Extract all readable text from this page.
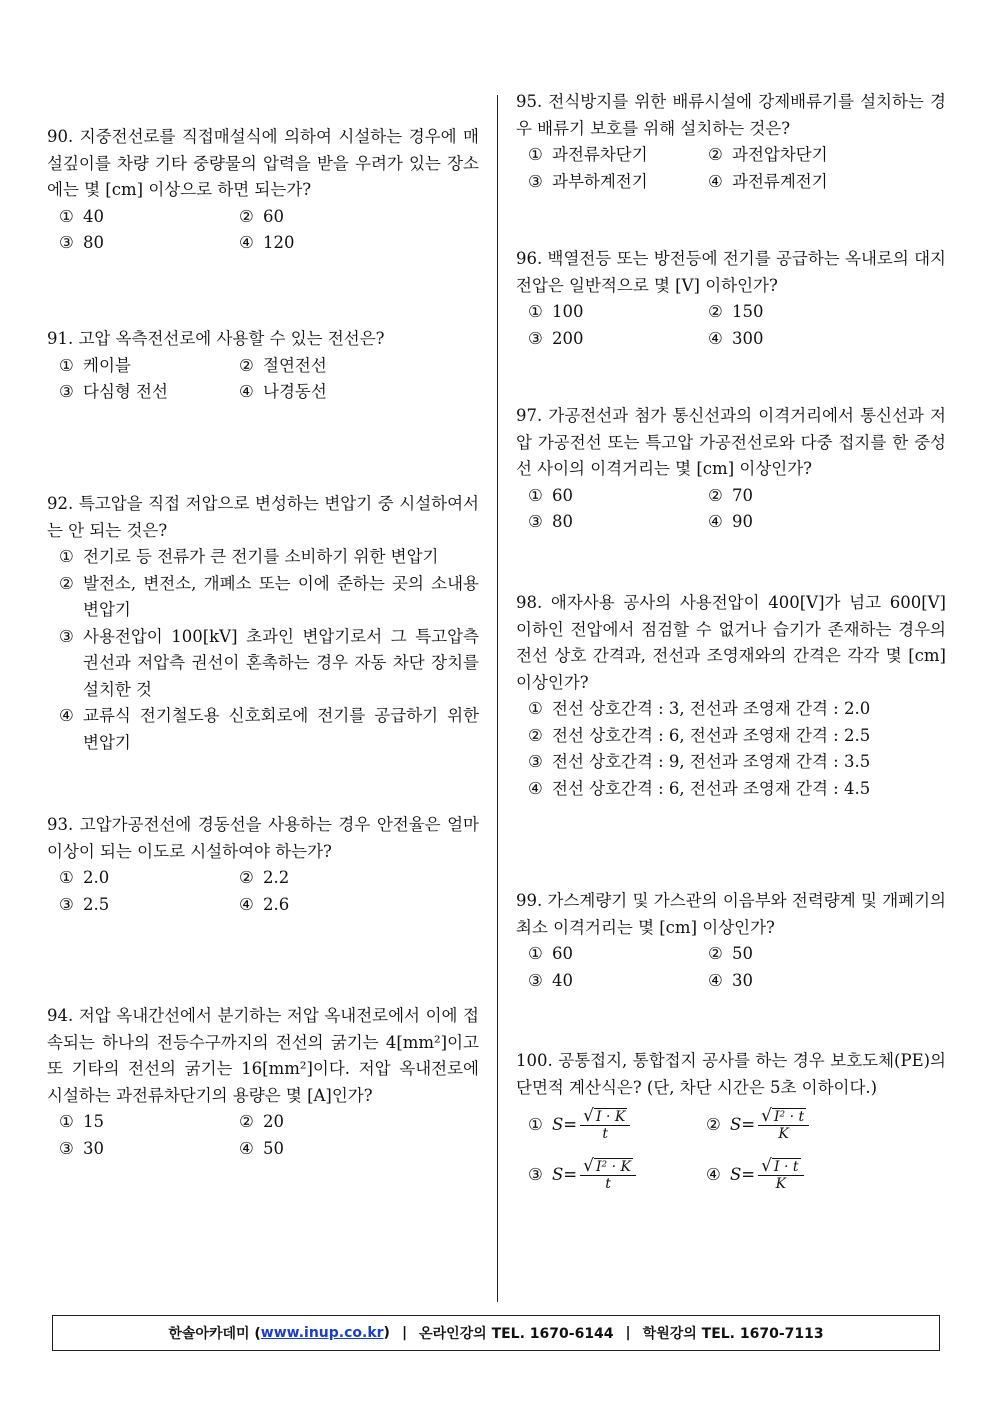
90. 지중전선로를 직접매설식에 의하여 시설하는 경우에 매설깊이를 차량 기타 중량물의 압력을 받을 우려가 있는 장소에는 몇 [cm] 이상으로 하면 되는가?
① 40	② 60
③ 80	④ 120
91. 고압 옥측전선로에 사용할 수 있는 전선은?
① 케이블	② 절연전선
③ 다심형 전선	④ 나경동선
92. 특고압을 직접 저압으로 변성하는 변압기 중 시설하여서는 안 되는 것은?
① 전기로 등 전류가 큰 전기를 소비하기 위한 변압기
② 발전소, 변전소, 개폐소 또는 이에 준하는 곳의 소내용 변압기
③ 사용전압이 100[kV] 초과인 변압기로서 그 특고압측 권선과 저압측 권선이 혼촉하는 경우 자동 차단 장치를 설치한 것
④ 교류식 전기철도용 신호회로에 전기를 공급하기 위한 변압기
93. 고압가공전선에 경동선을 사용하는 경우 안전율은 얼마 이상이 되는 이도로 시설하여야 하는가?
① 2.0	② 2.2
③ 2.5	④ 2.6
94. 저압 옥내간선에서 분기하는 저압 옥내전로에서 이에 접속되는 하나의 전등수구까지의 전선의 굵기는 4[mm²]이고 또 기타의 전선의 굵기는 16[mm²]이다. 저압 옥내전로에 시설하는 과전류차단기의 용량은 몇 [A]인가?
① 15	② 20
③ 30	④ 50
95. 전식방지를 위한 배류시설에 강제배류기를 설치하는 경우 배류기 보호를 위해 설치하는 것은?
① 과전류차단기	② 과전압차단기
③ 과부하계전기	④ 과전류계전기
96. 백열전등 또는 방전등에 전기를 공급하는 옥내로의 대지전압은 일반적으로 몇 [V] 이하인가?
① 100	② 150
③ 200	④ 300
97. 가공전선과 첨가 통신선과의 이격거리에서 통신선과 저압 가공전선 또는 특고압 가공전선로와 다중 접지를 한 중성선 사이의 이격거리는 몇 [cm] 이상인가?
① 60	② 70
③ 80	④ 90
98. 애자사용 공사의 사용전압이 400[V]가 넘고 600[V] 이하인 전압에서 점검할 수 없거나 습기가 존재하는 경우의 전선 상호 간격과, 전선과 조영재와의 간격은 각각 몇 [cm] 이상인가?
① 전선 상호간격 : 3, 전선과 조영재 간격 : 2.0
② 전선 상호간격 : 6, 전선과 조영재 간격 : 2.5
③ 전선 상호간격 : 9, 전선과 조영재 간격 : 3.5
④ 전선 상호간격 : 6, 전선과 조영재 간격 : 4.5
99. 가스계량기 및 가스관의 이음부와 전력량계 및 개폐기의 최소 이격거리는 몇 [cm] 이상인가?
① 60	② 50
③ 40	④ 30
100. 공통접지, 통합접지 공사를 하는 경우 보호도체(PE)의 단면적 계산식은? (단, 차단 시간은 5초 이하이다.)
① $S= \frac{√ I \cdot K}{t}$	② $S= \frac{\text{√ I² · t}}{K}$
③ $S= \frac{\text{√ I² · K}}{t}$	④ $S= \frac{√ I \cdot t}{K}$
한솔아카데미 ( www.inup.co.kr ) | 온라인강의 TEL. 1670-6144 | 학원강의 TEL. 1670-7113
